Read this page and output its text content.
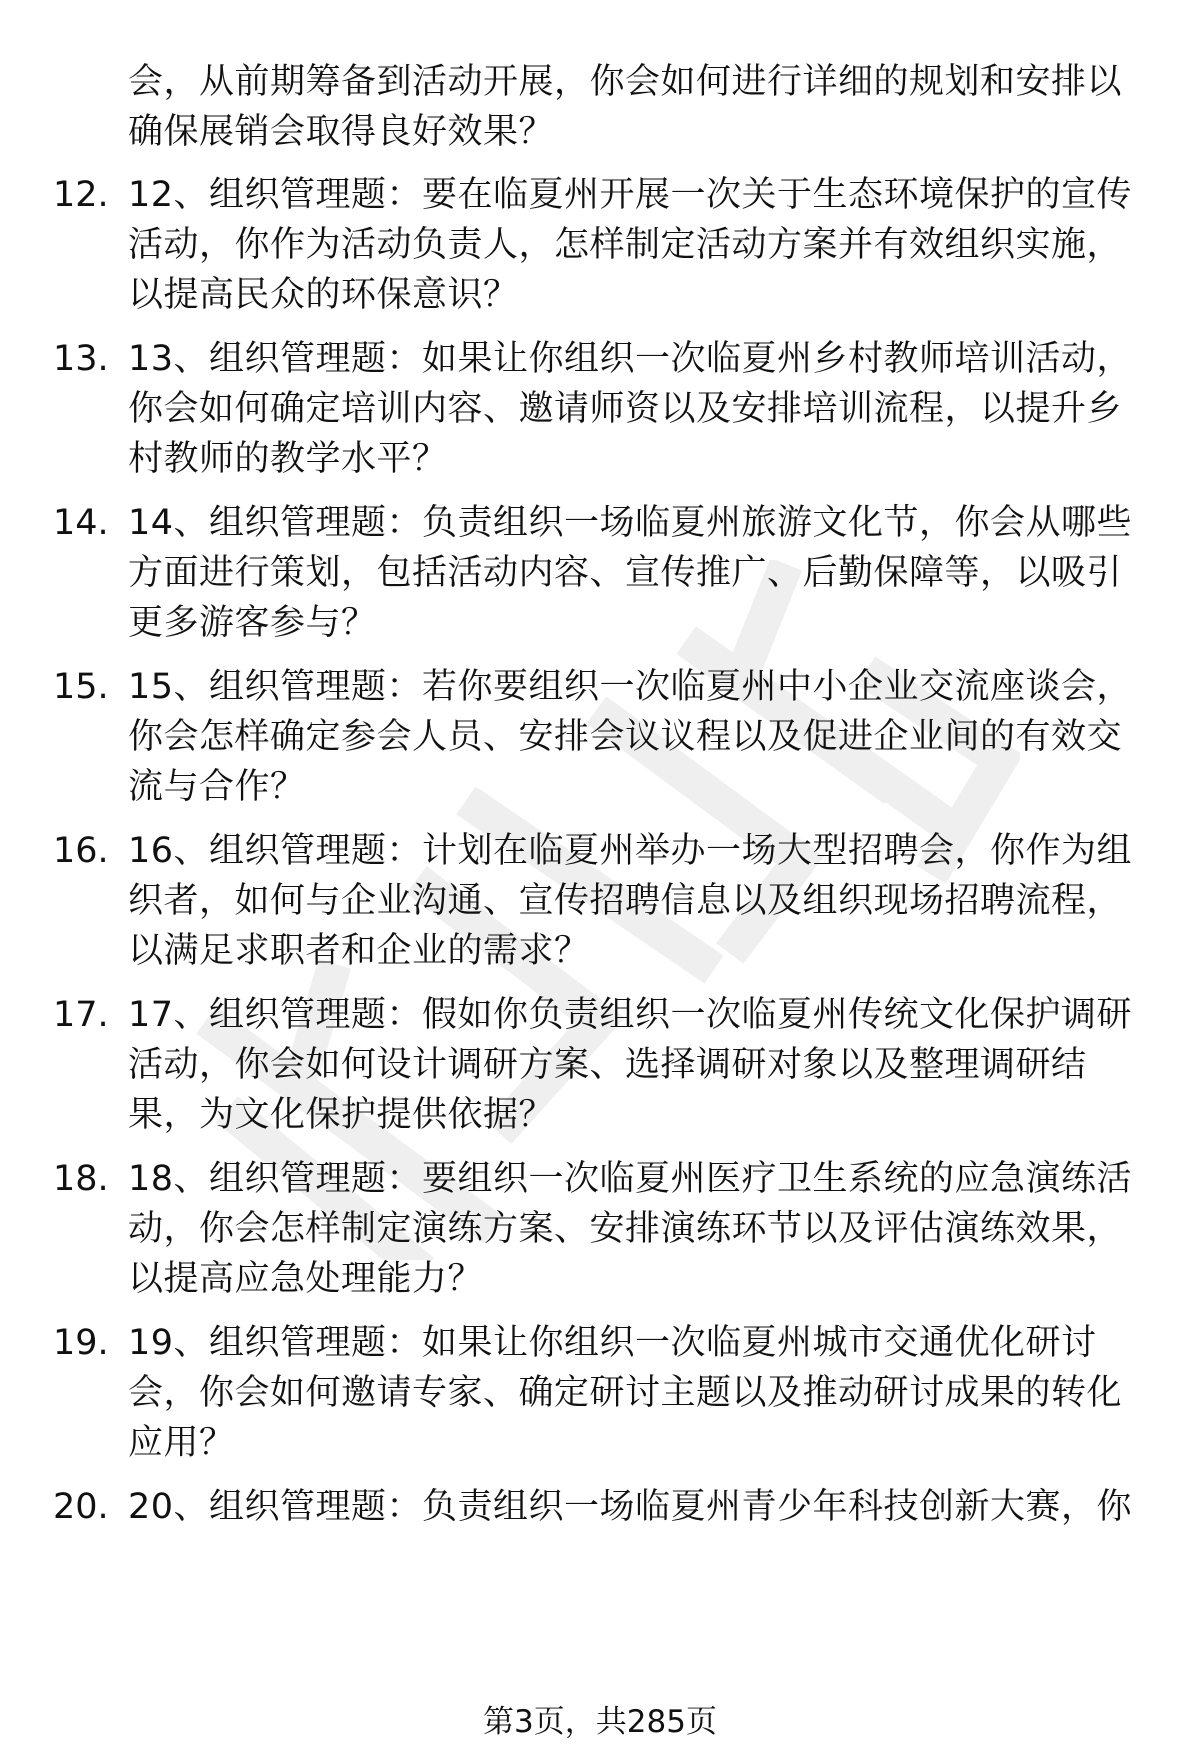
会，从前期筹备到活动开展，你会如何进行详细的规划和安排以
确保展销会取得良好效果？
12. 12、组织管理题：要在临夏州开展一次关于生态环境保护的宣传
活动，你作为活动负责人，怎样制定活动方案并有效组织实施，
以提高民众的环保意识？
13. 13、组织管理题：如果让你组织一次临夏州乡村教师培训活动，
你会如何确定培训内容、邀请师资以及安排培训流程，以提升乡
村教师的教学水平？
14. 14、组织管理题：负责组织一场临夏州旅游文化节，你会从哪些
方面进行策划，包括活动内容、宣传推广、后勤保障等，以吸引
更多游客参与？
15. 15、组织管理题：若你要组织一次临夏州中小企业交流座谈会，
你会怎样确定参会人员、安排会议议程以及促进企业间的有效交
流与合作？
16. 16、组织管理题：计划在临夏州举办一场大型招聘会，你作为组
织者，如何与企业沟通、宣传招聘信息以及组织现场招聘流程，
以满足求职者和企业的需求？
17. 17、组织管理题：假如你负责组织一次临夏州传统文化保护调研
活动，你会如何设计调研方案、选择调研对象以及整理调研结
果，为文化保护提供依据？
18. 18、组织管理题：要组织一次临夏州医疗卫生系统的应急演练活
动，你会怎样制定演练方案、安排演练环节以及评估演练效果，
以提高应急处理能力？
19. 19、组织管理题：如果让你组织一次临夏州城市交通优化研讨
会，你会如何邀请专家、确定研讨主题以及推动研讨成果的转化
应用？
20. 20、组织管理题：负责组织一场临夏州青少年科技创新大赛，你
第3页，共285页
